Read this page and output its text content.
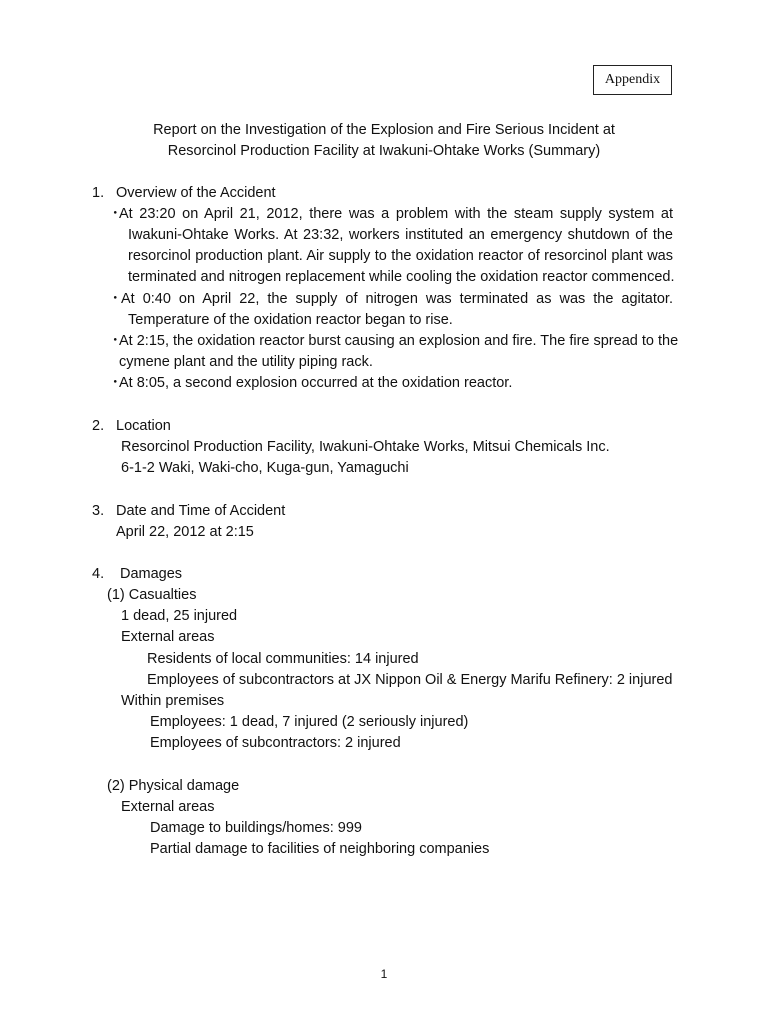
Appendix
Report on the Investigation of the Explosion and Fire Serious Incident at
Resorcinol Production Facility at Iwakuni-Ohtake Works (Summary)
1. Overview of the Accident
・
At 23:20 on April 21, 2012, there was a problem with the steam supply system at
Iwakuni-Ohtake Works. At 23:32, workers instituted an emergency shutdown of the
resorcinol production plant. Air supply to the oxidation reactor of resorcinol plant was
terminated and nitrogen replacement while cooling the oxidation reactor commenced.
・
At 0:40 on April 22, the supply of nitrogen was terminated as was the agitator.
Temperature of the oxidation reactor began to rise.
・
At 2:15, the oxidation reactor burst causing an explosion and fire. The fire spread to the
cymene plant and the utility piping rack.
・
At 8:05, a second explosion occurred at the oxidation reactor.
2. Location
Resorcinol Production Facility, Iwakuni-Ohtake Works, Mitsui Chemicals Inc.
6-1-2 Waki, Waki-cho, Kuga-gun, Yamaguchi
3. Date and Time of Accident
April 22, 2012 at 2:15
4. Damages
(1) Casualties
1 dead, 25 injured
External areas
Residents of local communities: 14 injured
Employees of subcontractors at JX Nippon Oil & Energy Marifu Refinery: 2 injured
Within premises
Employees: 1 dead, 7 injured (2 seriously injured)
Employees of subcontractors: 2 injured
(2) Physical damage
External areas
Damage to buildings/homes: 999
Partial damage to facilities of neighboring companies
1
